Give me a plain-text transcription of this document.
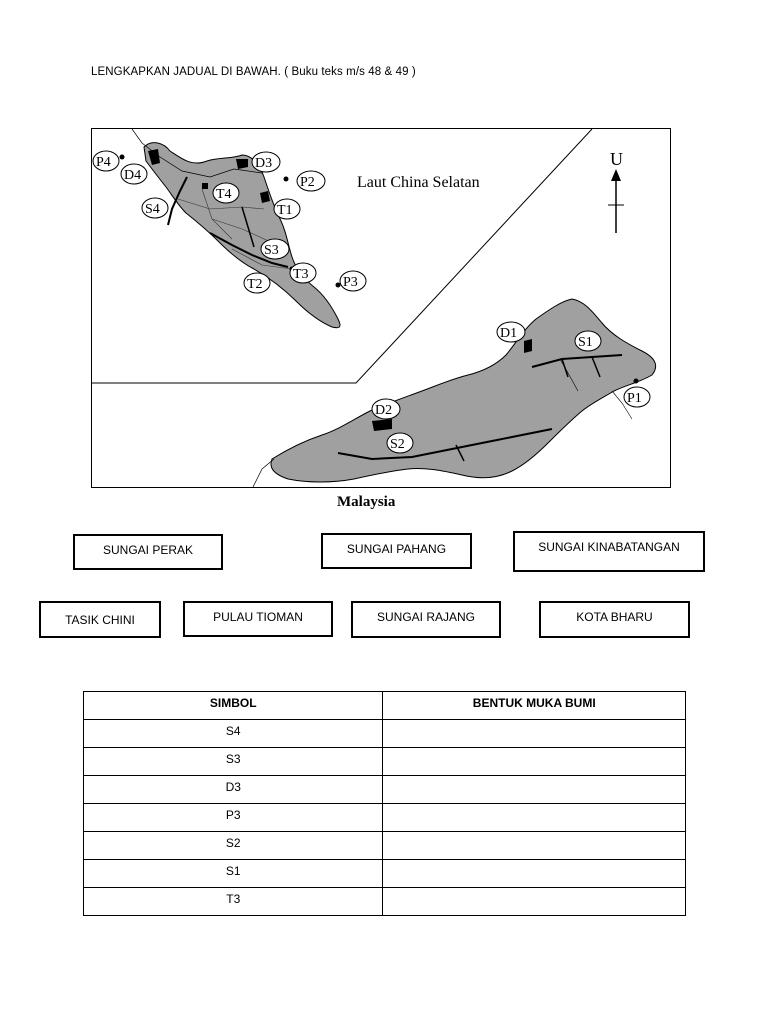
LENGKAPKAN JADUAL DI BAWAH. ( Buku teks m/s 48 & 49 )
U
Laut China Selatan
P4
D4
S4
T4
D3
P2
T1
S3
T3
T2	P3
D1
S1
P1
D2
S2
Malaysia
SUNGAI PERAK	SUNGAI PAHANG	SUNGAI KINABATANGAN
TASIK CHINI	PULAU TIOMAN	SUNGAI RAJANG	KOTA BHARU
SIMBOL	BENTUK MUKA BUMI
S4	
S3	
D3	
P3	
S2	
S1	
T3	
